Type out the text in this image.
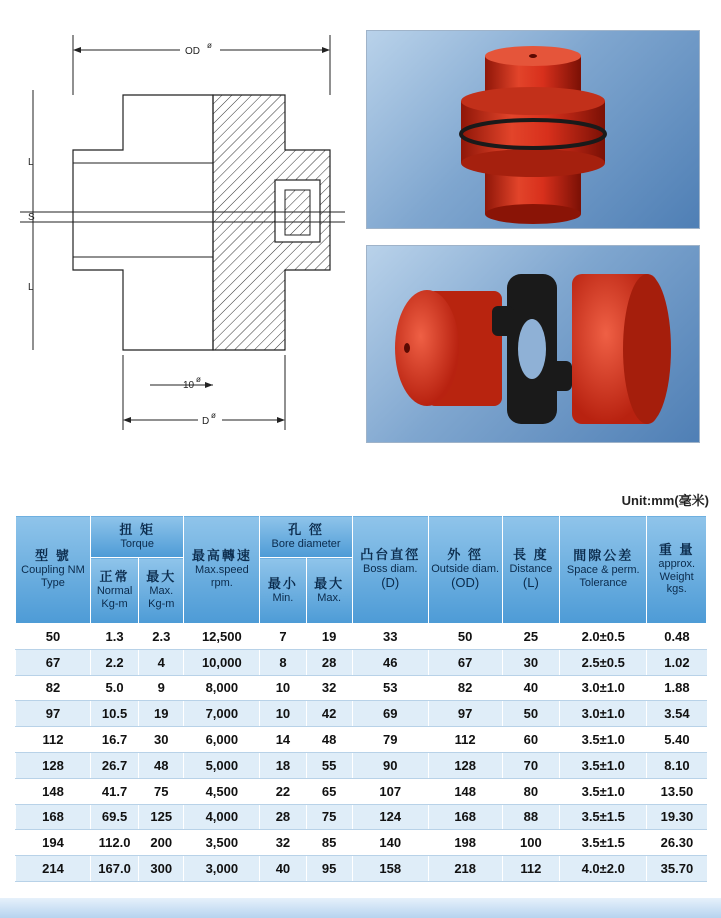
OD
ø
L
S
L
10
ø
D
ø
Unit:mm(毫米)
型 號
Coupling NM Type	扭 矩
Torque		最高轉速
Max.speed rpm.	孔 徑
Bore diameter		凸台直徑
Boss diam.
(D)	外 徑
Outside diam.
(OD)	長 度
Distance
(L)	間隙公差
Space & perm. Tolerance	重 量
approx. Weight kgs.

	正常
Normal Kg-m	最大
Max. Kg-m		最小
Min.	最大
Max.					

50	1.3	2.3	12,500	7	19	33	50	25	2.0±0.5	0.48
67	2.2	4	10,000	8	28	46	67	30	2.5±0.5	1.02
82	5.0	9	8,000	10	32	53	82	40	3.0±1.0	1.88
97	10.5	19	7,000	10	42	69	97	50	3.0±1.0	3.54
112	16.7	30	6,000	14	48	79	112	60	3.5±1.0	5.40
128	26.7	48	5,000	18	55	90	128	70	3.5±1.0	8.10
148	41.7	75	4,500	22	65	107	148	80	3.5±1.0	13.50
168	69.5	125	4,000	28	75	124	168	88	3.5±1.5	19.30
194	112.0	200	3,500	32	85	140	198	100	3.5±1.5	26.30
214	167.0	300	3,000	40	95	158	218	112	4.0±2.0	35.70
